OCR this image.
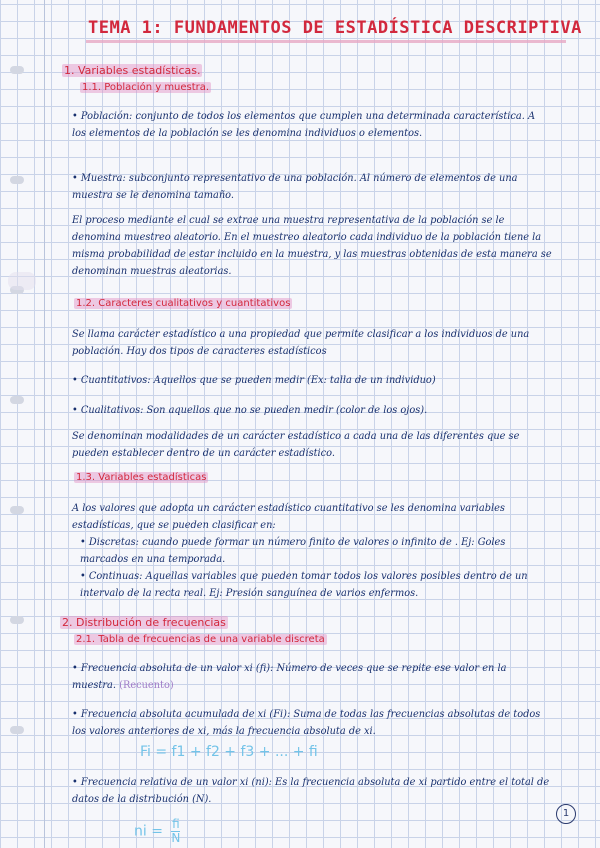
TEMA 1: FUNDAMENTOS DE ESTADÍSTICA DESCRIPTIVA
1. Variables estadísticas.
1.1. Población y muestra.
• Población: conjunto de todos los elementos que cumplen una determinada característica. A los elementos de la población se les denomina individuos o elementos.
• Muestra: subconjunto representativo de una población. Al número de elementos de una muestra se le denomina tamaño.
El proceso mediante el cual se extrae una muestra representativa de la población se le denomina muestreo aleatorio. En el muestreo aleatorio cada individuo de la población tiene la misma probabilidad de estar incluido en la muestra, y las muestras obtenidas de esta manera se denominan muestras aleatorias.
1.2. Caracteres cualitativos y cuantitativos
Se llama carácter estadístico a una propiedad que permite clasificar a los individuos de una población. Hay dos tipos de caracteres estadísticos
• Cuantitativos: Aquellos que se pueden medir (Ex: talla de un individuo)
• Cualitativos: Son aquellos que no se pueden medir (color de los ojos).
Se denominan modalidades de un carácter estadístico a cada una de las diferentes que se pueden establecer dentro de un carácter estadístico.
1.3. Variables estadísticas
A los valores que adopta un carácter estadístico cuantitativo se les denomina variables estadísticas, que se pueden clasificar en:
• Discretas: cuando puede formar un número finito de valores o infinito de . Ej: Goles marcados en una temporada.
• Continuas: Aquellas variables que pueden tomar todos los valores posibles dentro de un intervalo de la recta real. Ej: Presión sanguínea de varios enfermos.
2. Distribución de frecuencias
2.1. Tabla de frecuencias de una variable discreta
• Frecuencia absoluta de un valor xi (fi): Número de veces que se repite ese valor en la muestra. (Recuento)
• Frecuencia absoluta acumulada de xi (Fi): Suma de todas las frecuencias absolutas de todos los valores anteriores de xi, más la frecuencia absoluta de xi.
Fi = f1 + f2 + f3 + ... + fi
• Frecuencia relativa de un valor xi (ni): Es la frecuencia absoluta de xi partido entre el total de datos de la distribución (N).
ni = $\frac{fi}{N}$
1
